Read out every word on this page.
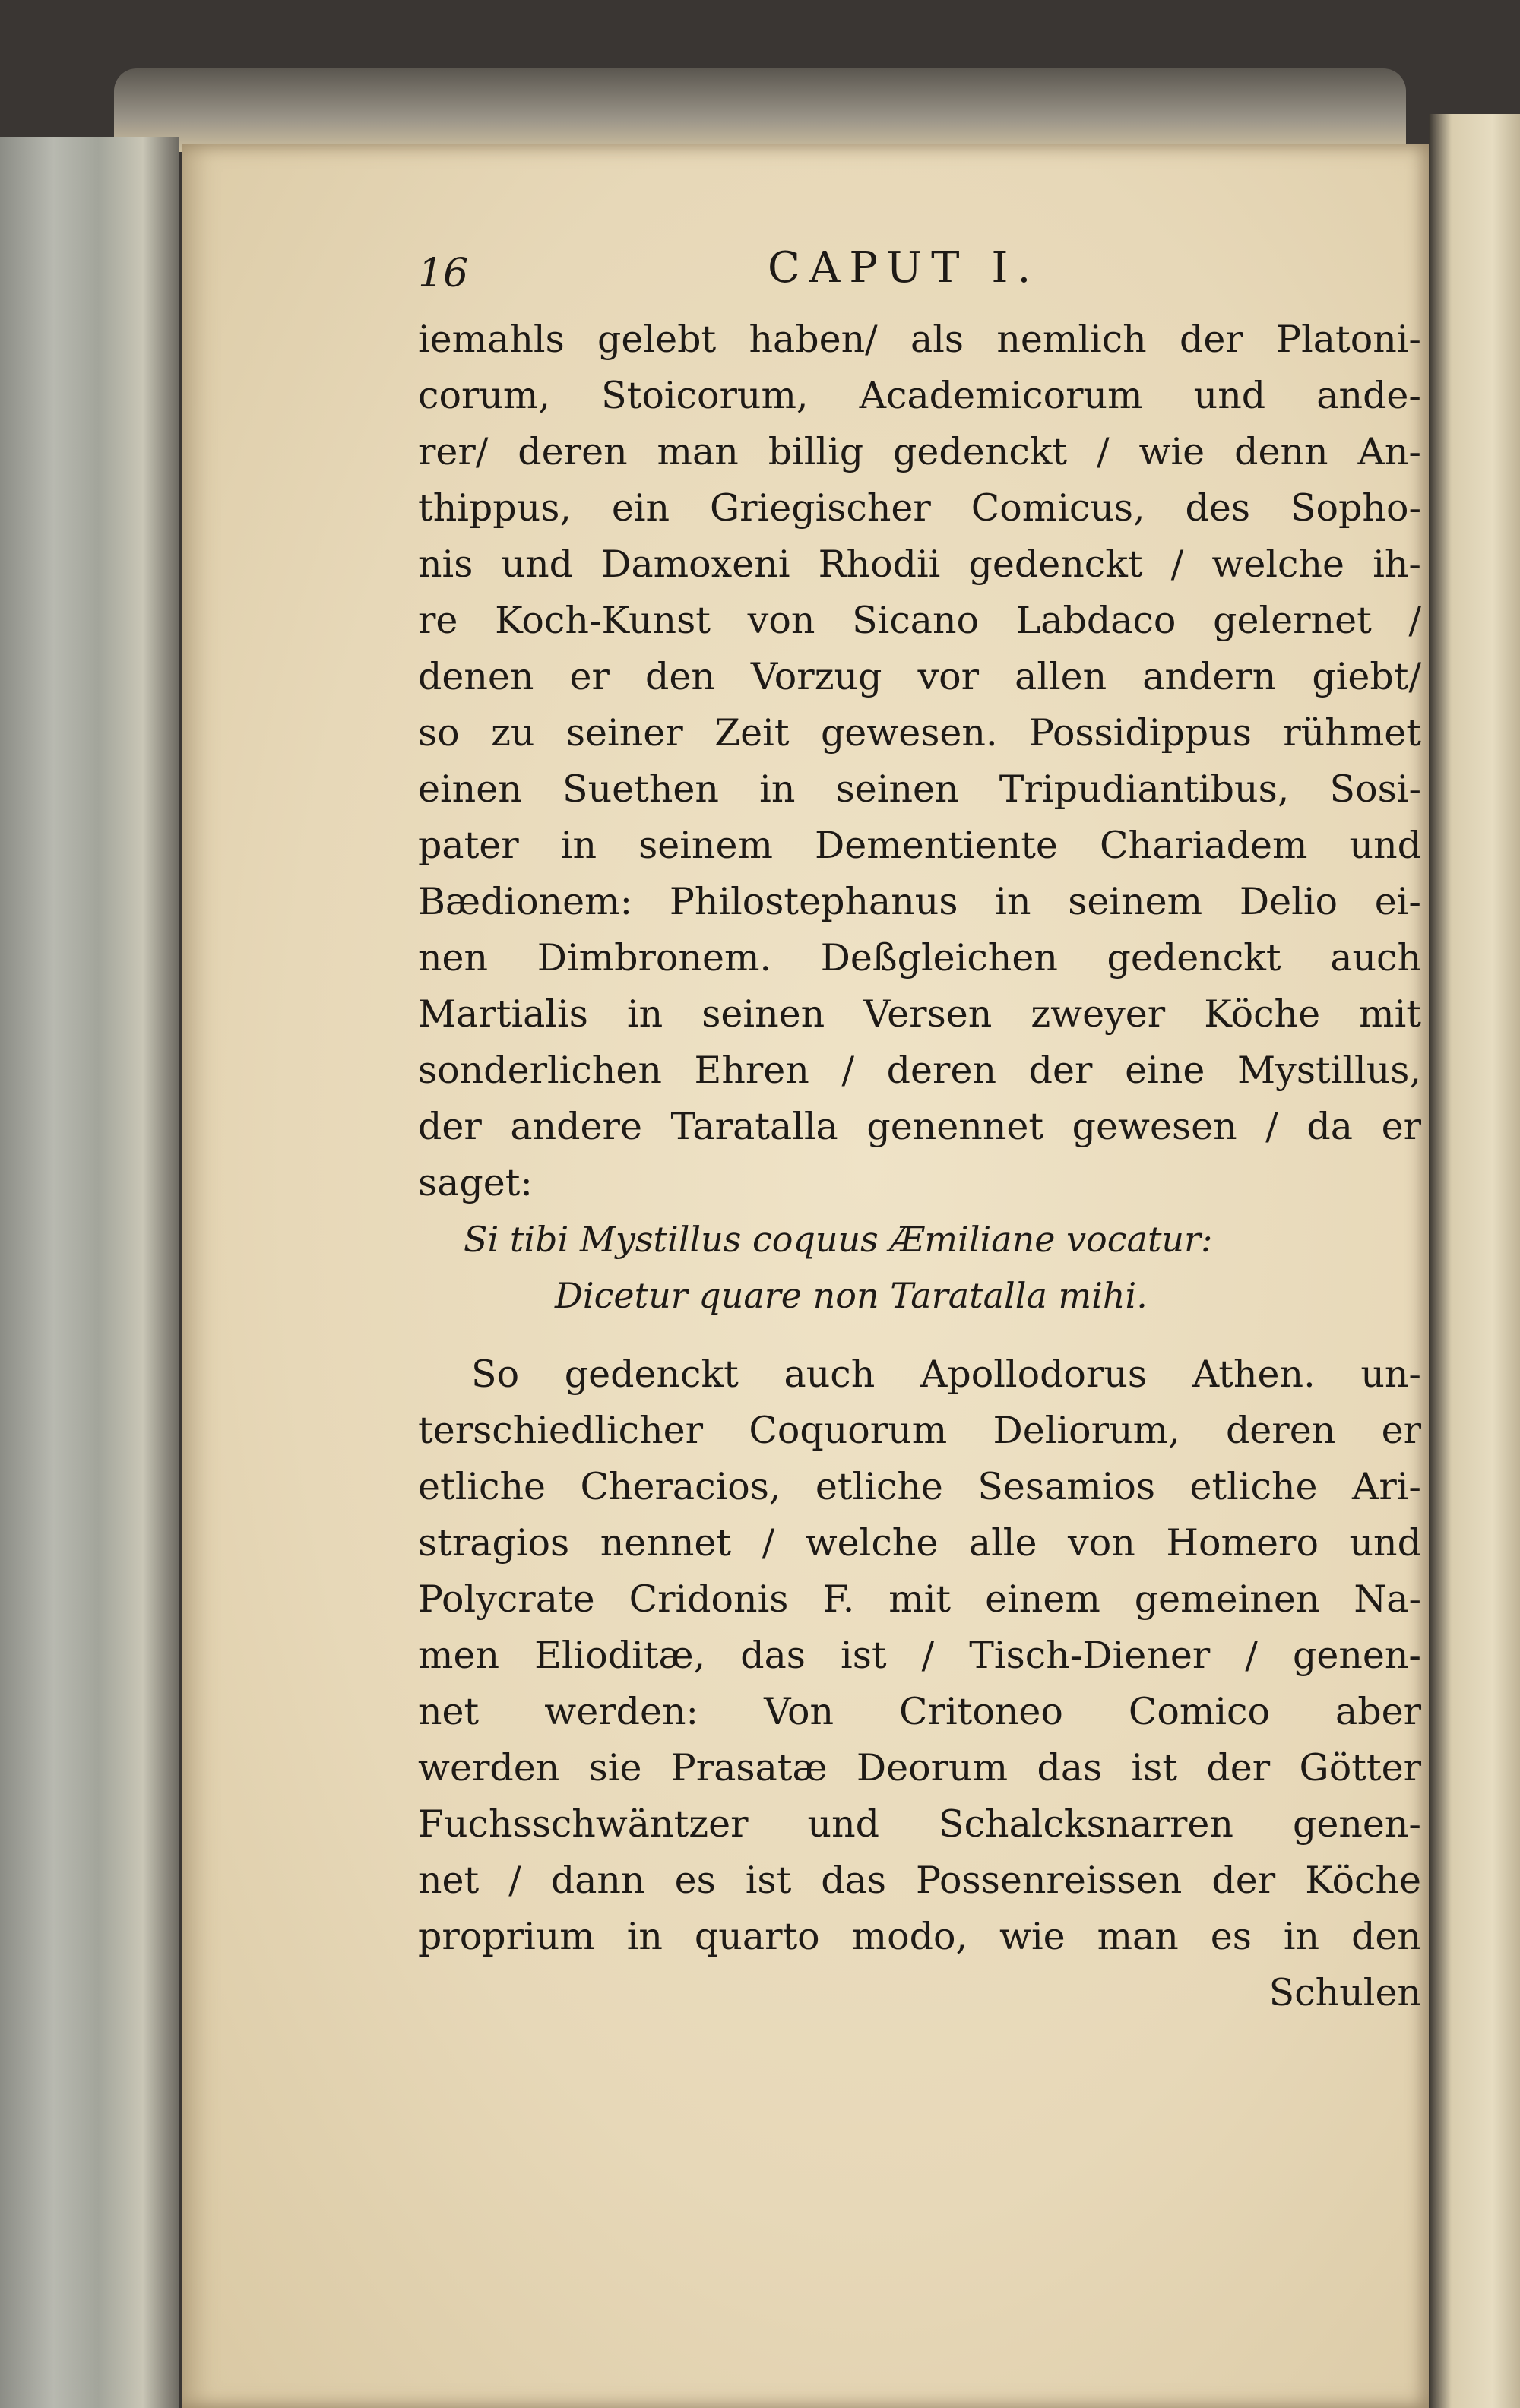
16	CAPUT I.
iemahls gelebt haben/ als nemlich der Platoni-
corum, Stoicorum, Academicorum und ande-
rer/ deren man billig gedenckt / wie denn An-
thippus, ein Griegischer Comicus, des Sopho-
nis und Damoxeni Rhodii gedenckt / welche ih-
re Koch-Kunst von Sicano Labdaco gelernet /
denen er den Vorzug vor allen andern giebt/
so zu seiner Zeit gewesen. Possidippus rühmet
einen Suethen in seinen Tripudiantibus, Sosi-
pater in seinem Dementiente Chariadem und
Bædionem: Philostephanus in seinem Delio ei-
nen Dimbronem. Deßgleichen gedenckt auch
Martialis in seinen Versen zweyer Köche mit
sonderlichen Ehren / deren der eine Mystillus,
der andere Taratalla genennet gewesen / da er
saget:
Si tibi Mystillus coquus Æmiliane vocatur:
Dicetur quare non Taratalla mihi.
So gedenckt auch Apollodorus Athen. un-
terschiedlicher Coquorum Deliorum, deren er
etliche Cheracios, etliche Sesamios etliche Ari-
stragios nennet / welche alle von Homero und
Polycrate Cridonis F. mit einem gemeinen Na-
men Elioditæ, das ist / Tisch-Diener / genen-
net werden: Von Critoneo Comico aber
werden sie Prasatæ Deorum das ist der Götter
Fuchsschwäntzer und Schalcksnarren genen-
net / dann es ist das Possenreissen der Köche
proprium in quarto modo, wie man es in den
Schulen
